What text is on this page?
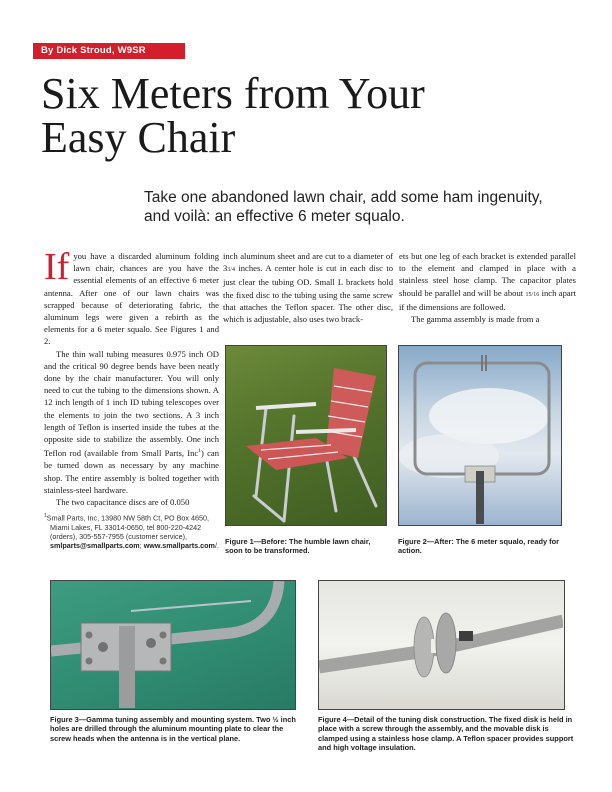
By Dick Stroud, W9SR
Six Meters from Your
Easy Chair
Take one abandoned lawn chair, add some ham ingenuity,
and voilà: an effective 6 meter squalo.

If you have a discarded aluminum folding lawn chair, chances are you have the essential elements of an effective 6 meter antenna. After one of our lawn chairs was scrapped because of deteriorating fabric, the aluminum legs were given a rebirth as the elements for a 6 meter squalo. See Figures 1 and 2.

The thin wall tubing measures 0.975 inch OD and the critical 90 degree bends have been neatly done by the chair manufacturer. You will only need to cut the tubing to the dimensions shown. A 12 inch length of 1 inch ID tubing telescopes over the elements to join the two sections. A 3 inch length of Teflon is inserted inside the tubes at the opposite side to stabilize the assembly. One inch Teflon rod (available from Small Parts, Inc$^1$) can be turned down as necessary by any machine shop. The entire assembly is bolted together with stainless-steel hardware.

The two capacitance discs are of 0.050

$^1$Small Parts, Inc, 13980 NW 58th Ct, PO Box 4650, Miami Lakes, FL 33014-0650, tel 800-220-4242 (orders), 305-557-7955 (customer service), smlparts@smallparts.com; www.smallparts.com/.

inch aluminum sheet and are cut to a diameter of 33/4 inches. A center hole is cut in each disc to just clear the tubing OD. Small L brackets hold the fixed disc to the tubing using the same screw that attaches the Teflon spacer. The other disc, which is adjustable, also uses two brack-

ets but one leg of each bracket is extended parallel to the element and clamped in place with a stainless steel hose clamp. The capacitor plates should be parallel and will be about 15/16 inch apart if the dimensions are followed.

The gamma assembly is made from a

Figure 1—Before: The humble lawn chair, soon to be transformed.
Figure 2—After: The 6 meter squalo, ready for action.
Figure 3—Gamma tuning assembly and mounting system. Two ½ inch holes are drilled through the aluminum mounting plate to clear the screw heads when the antenna is in the vertical plane.
Figure 4—Detail of the tuning disk construction. The fixed disk is held in place with a screw through the assembly, and the movable disk is clamped using a stainless hose clamp. A Teflon spacer provides support and high voltage insulation.
